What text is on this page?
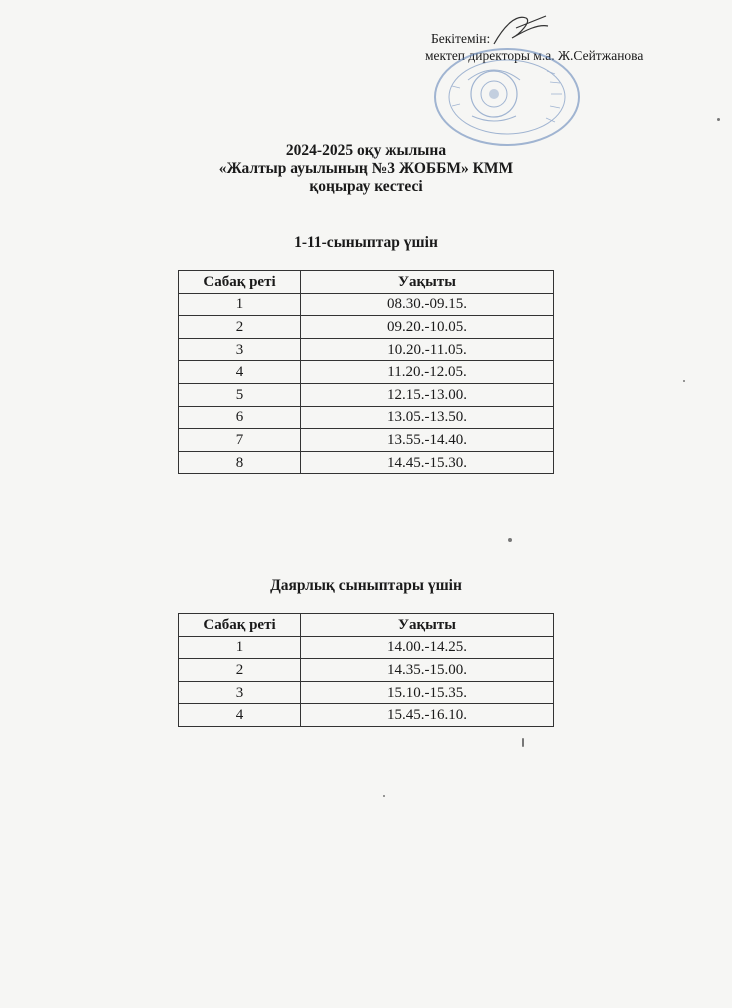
Бекітемін:
мектеп директоры м.а. Ж.Сейтжанова
2024-2025 оқу жылына
«Жалтыр ауылының №3 ЖОББМ» КММ
қоңырау кестесі
1-11-сыныптар үшін
Сабақ реті	Уақыты
1	08.30.-09.15.
2	09.20.-10.05.
3	10.20.-11.05.
4	11.20.-12.05.
5	12.15.-13.00.
6	13.05.-13.50.
7	13.55.-14.40.
8	14.45.-15.30.
Даярлық сыныптары үшін
Сабақ реті	Уақыты
1	14.00.-14.25.
2	14.35.-15.00.
3	15.10.-15.35.
4	15.45.-16.10.
